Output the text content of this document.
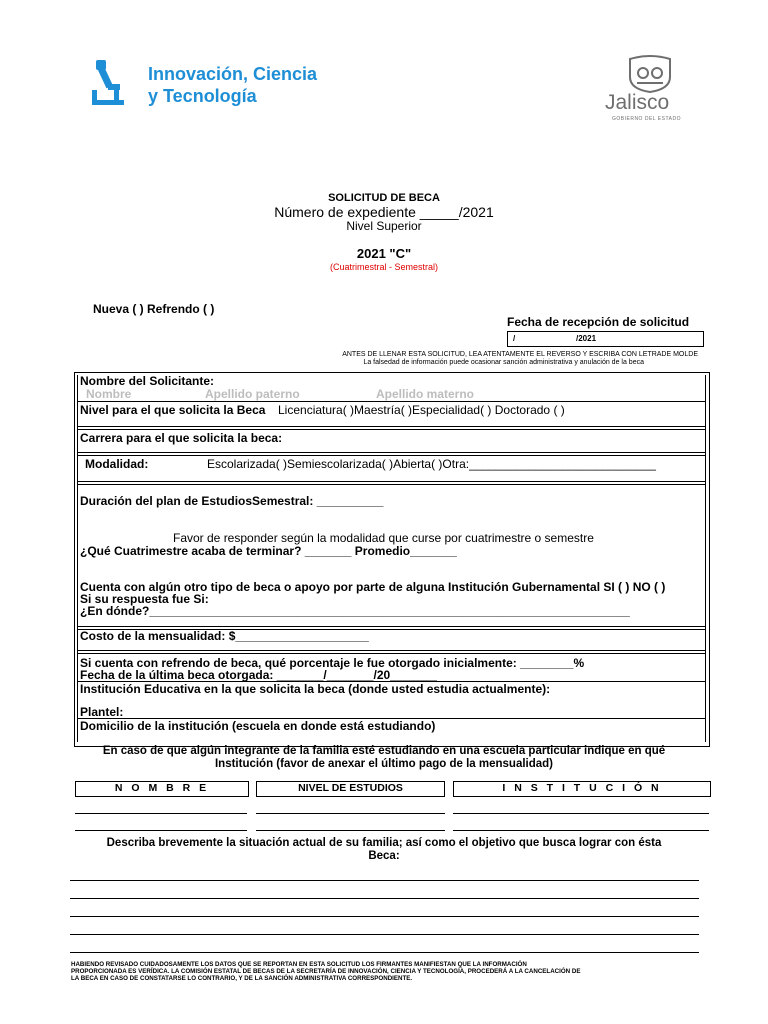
Innovación, Ciencia
y Tecnología	Jalisco
GOBIERNO DEL ESTADO
SOLICITUD DE BECA
Número de expediente _____/2021
Nivel Superior
2021 "C"
(Cuatrimestral - Semestral)
Nueva ( ) Refrendo ( )
Fecha de recepción de solicitud
/	/2021
ANTES DE LLENAR ESTA SOLICITUD, LEA ATENTAMENTE EL REVERSO Y ESCRIBA CON LETRADE MOLDE
La falsedad de información puede ocasionar sanción administrativa y anulación de la beca
Nombre del Solicitante:
Nombre	Apellido paterno	Apellido materno
Nivel para el que solicita la Beca Licenciatura( )Maestría( )Especialidad( ) Doctorado ( )
Carrera para el que solicita la beca:
Modalidad:	Escolarizada( )Semiescolarizada( )Abierta( )Otra:____________________________
Duración del plan de EstudiosSemestral: __________
Favor de responder según la modalidad que curse por cuatrimestre o semestre
¿Qué Cuatrimestre acaba de terminar? _______ Promedio_______
Cuenta con algún otro tipo de beca o apoyo por parte de alguna Institución Gubernamental SI ( ) NO ( )
Si su respuesta fue Si:
¿En dónde?________________________________________________________________________
Costo de la mensualidad: $____________________
Si cuenta con refrendo de beca, qué porcentaje le fue otorgado inicialmente: ________%
Fecha de la última beca otorgada: _______/_______/20_______
Institución Educativa en la que solicita la beca (donde usted estudia actualmente):
Plantel:
Domicilio de la institución (escuela en donde está estudiando)
En caso de que algún integrante de la familia esté estudiando en una escuela particular indique en qué
Institución (favor de anexar el último pago de la mensualidad)
N O M B R E	NIVEL DE ESTUDIOS	I N S T I T U C I Ó N
Describa brevemente la situación actual de su familia; así como el objetivo que busca lograr con ésta
Beca:
HABIENDO REVISADO CUIDADOSAMENTE LOS DATOS QUE SE REPORTAN EN ESTA SOLICITUD LOS FIRMANTES MANIFIESTAN QUE LA INFORMACIÓN
PROPORCIONADA ES VERÍDICA. LA COMISIÓN ESTATAL DE BECAS DE LA SECRETARÍA DE INNOVACIÓN, CIENCIA Y TECNOLOGÍA, PROCEDERÁ A LA CANCELACIÓN DE
LA BECA EN CASO DE CONSTATARSE LO CONTRARIO, Y DE LA SANCIÓN ADMINISTRATIVA CORRESPONDIENTE.
